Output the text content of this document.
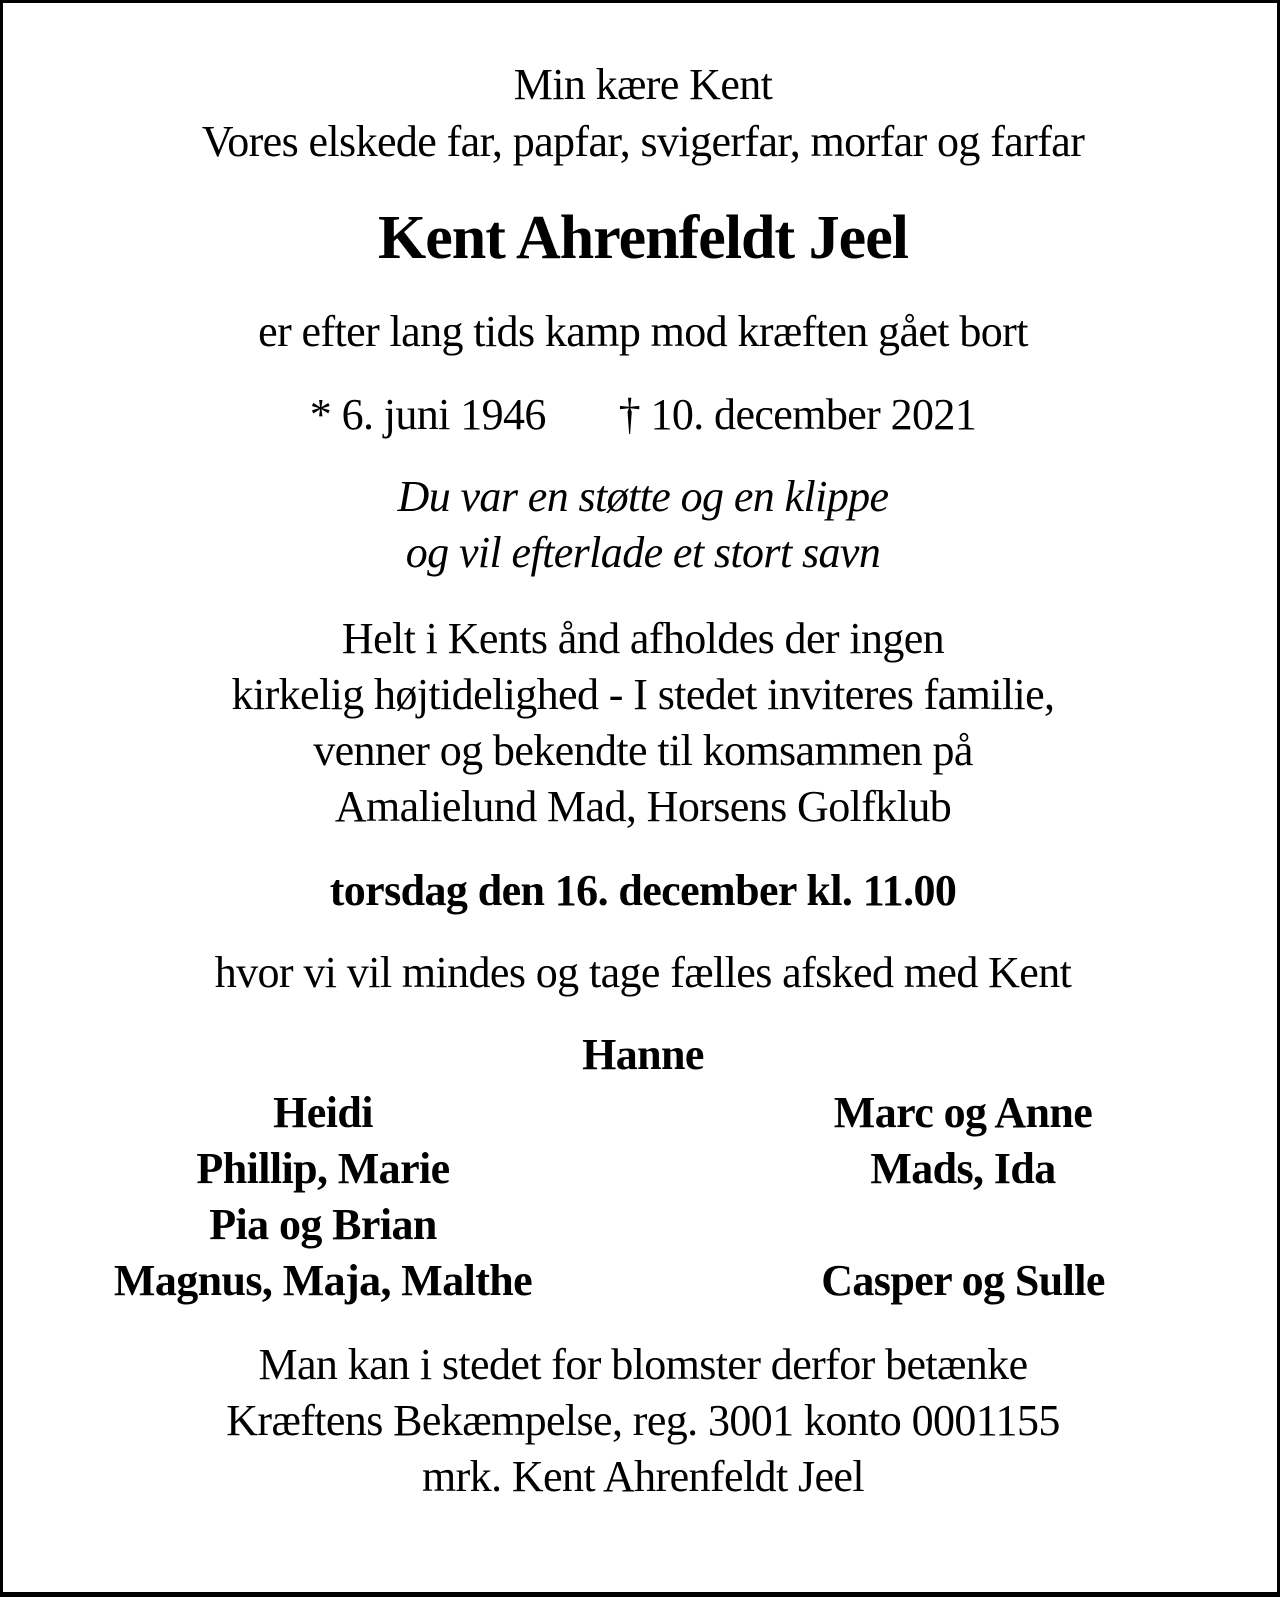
Min kære Kent
Vores elskede far, papfar, svigerfar, morfar og farfar
Kent Ahrenfeldt Jeel
er efter lang tids kamp mod kræften gået bort
* 6. juni 1946 † 10. december 2021
Du var en støtte og en klippe
og vil efterlade et stort savn
Helt i Kents ånd afholdes der ingen
kirkelig højtidelighed - I stedet inviteres familie,
venner og bekendte til komsammen på
Amalielund Mad, Horsens Golfklub
torsdag den 16. december kl. 11.00
hvor vi vil mindes og tage fælles afsked med Kent
Hanne
Heidi
Phillip, Marie
Pia og Brian
Magnus, Maja, Malthe
Marc og Anne
Mads, Ida
Casper og Sulle
Man kan i stedet for blomster derfor betænke
Kræftens Bekæmpelse, reg. 3001 konto 0001155
mrk. Kent Ahrenfeldt Jeel
